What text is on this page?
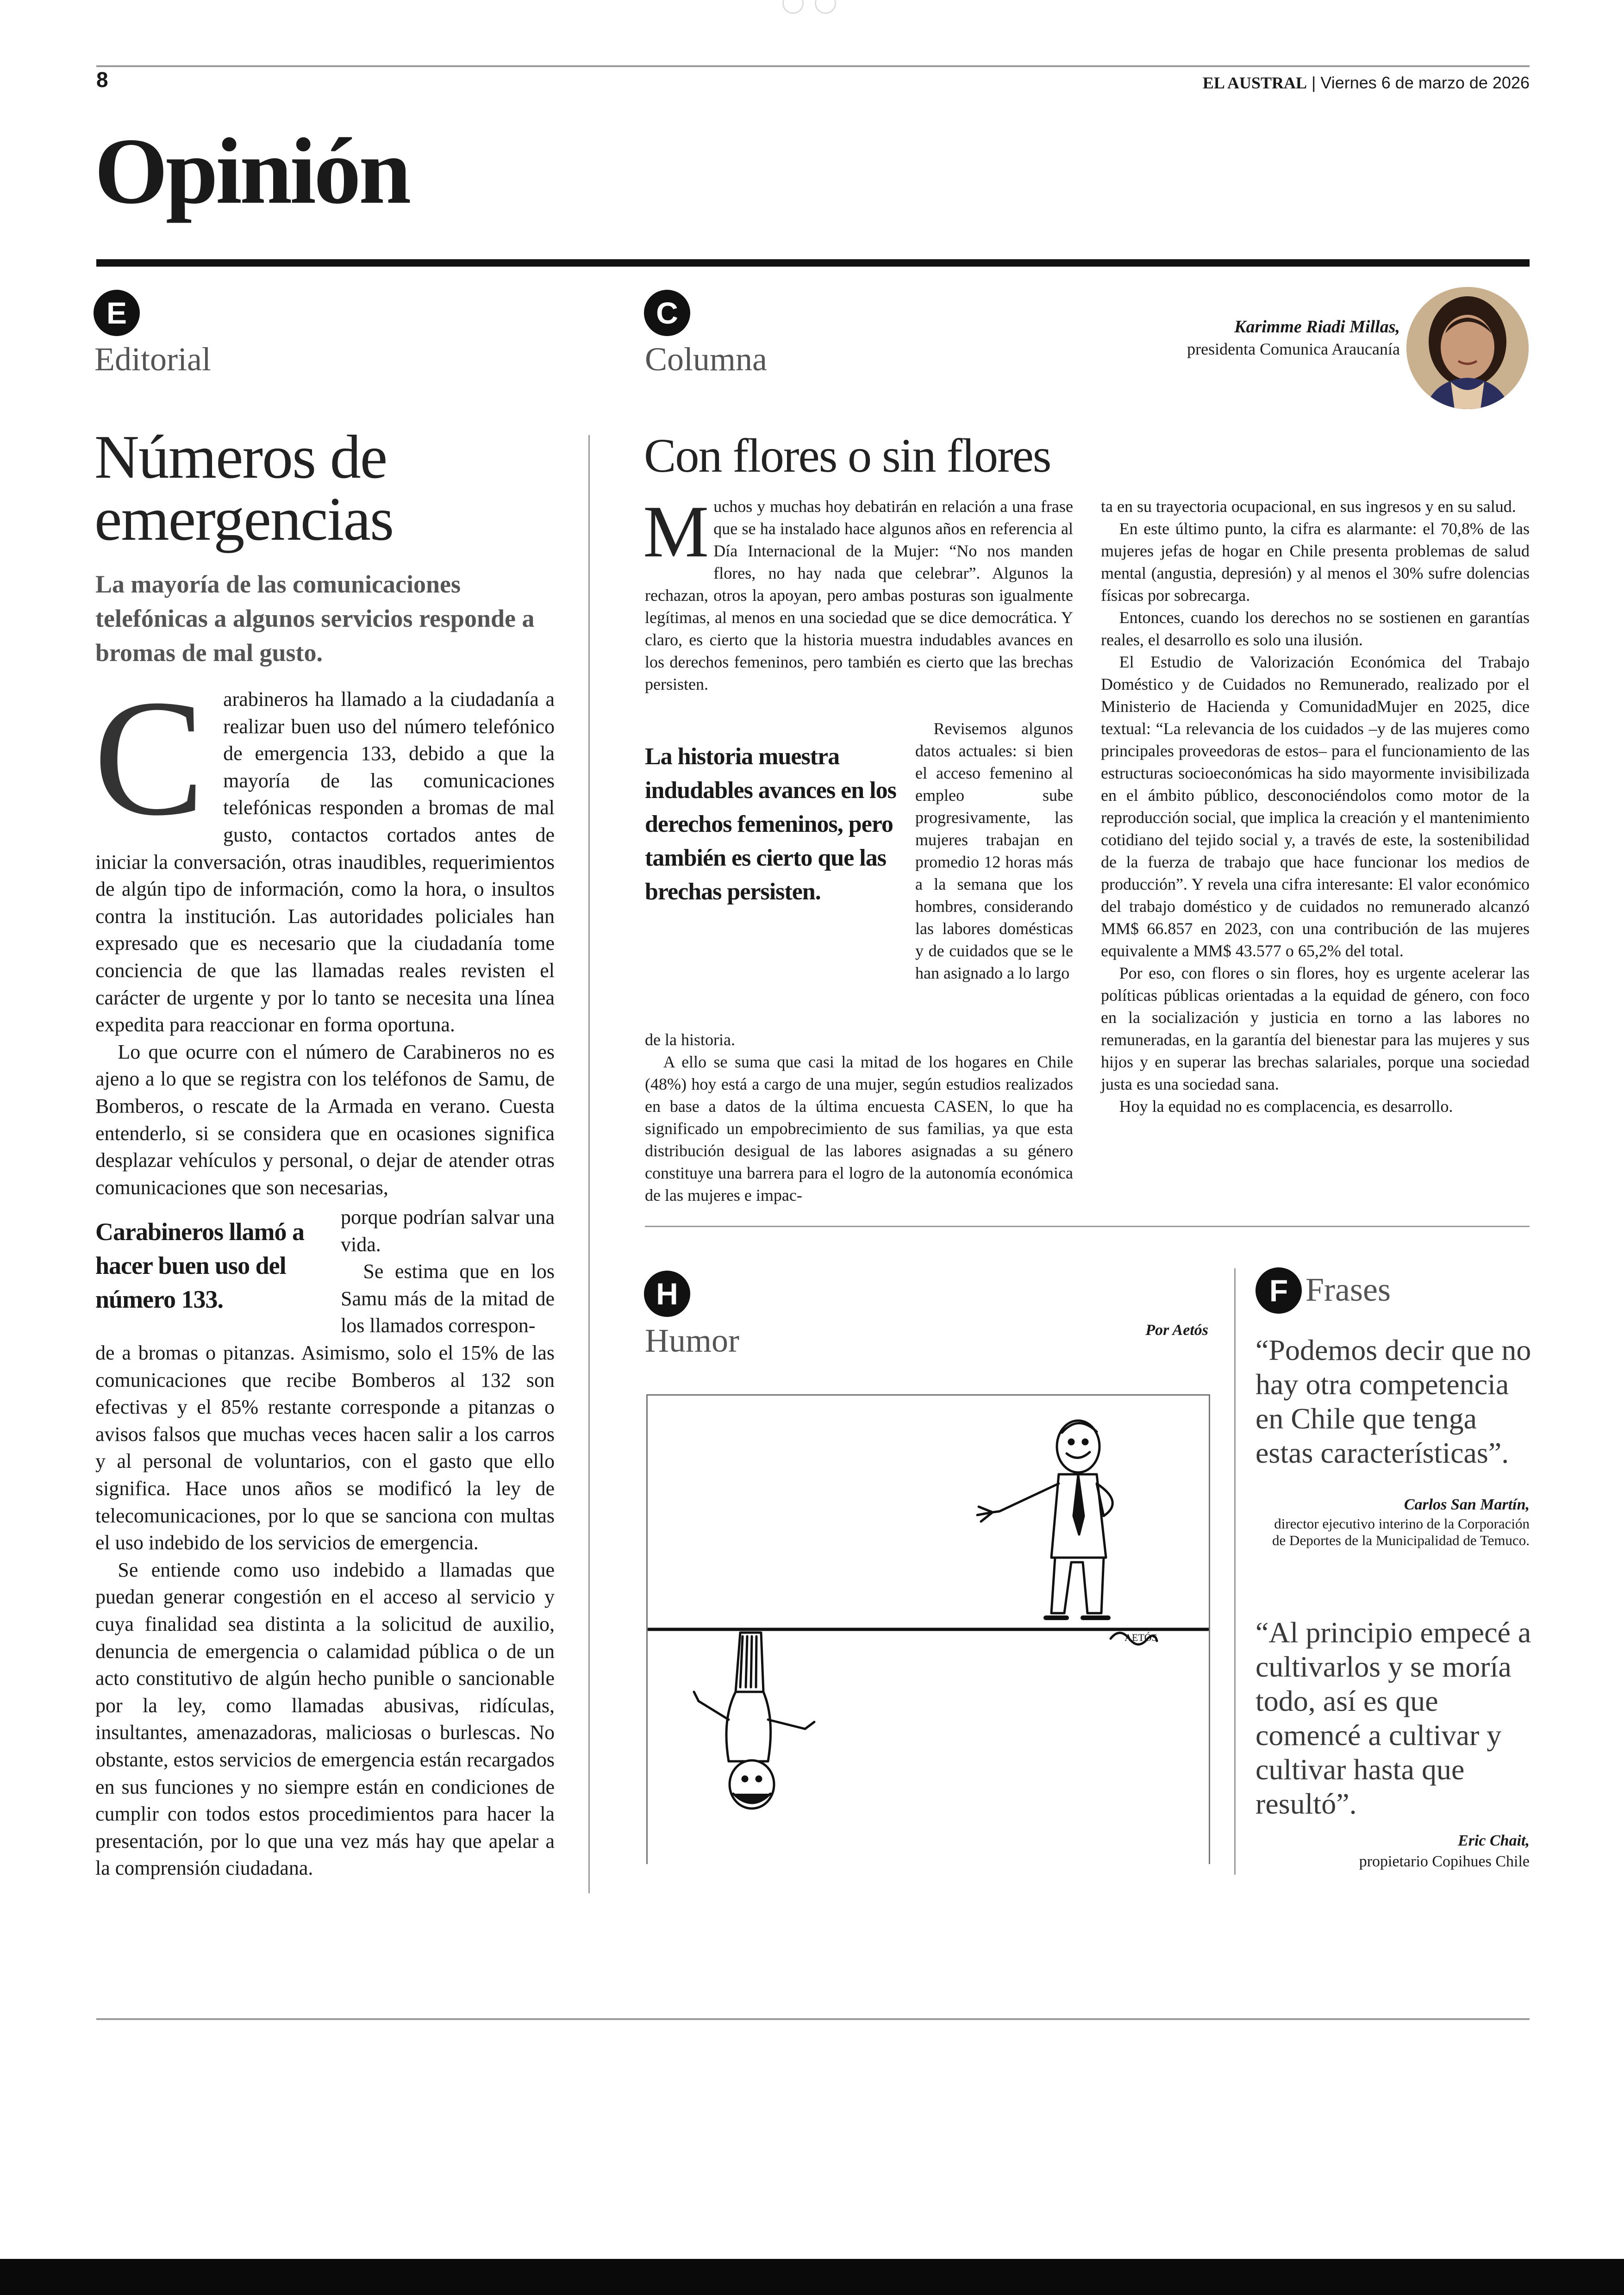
8	EL AUSTRAL | Viernes 6 de marzo de 2026
Opinión
E
Editorial
Números de emergencias
La mayoría de las comunicaciones telefónicas a algunos servicios responde a bromas de mal gusto.
C arabineros ha llamado a la ciudadanía a realizar buen uso del número telefónico de emergencia 133, debido a que la mayoría de las comunicaciones telefónicas responden a bromas de mal gusto, contactos cortados antes de iniciar la conversación, otras inaudibles, requerimientos de algún tipo de información, como la hora, o insultos contra la institución. Las autoridades policiales han expresado que es necesario que la ciudadanía tome conciencia de que las llamadas reales revisten el carácter de urgente y por lo tanto se necesita una línea expedita para reaccionar en forma oportuna.

Lo que ocurre con el número de Carabineros no es ajeno a lo que se registra con los teléfonos de Samu, de Bomberos, o rescate de la Armada en verano. Cuesta entenderlo, si se considera que en ocasiones significa desplazar vehículos y personal, o dejar de atender otras comunicaciones que son necesarias,

Carabineros llamó a hacer buen uso del número 133.

porque podrían salvar una vida.

Se estima que en los Samu más de la mitad de los llamados correspon-

de a bromas o pitanzas. Asimismo, solo el 15% de las comunicaciones que recibe Bomberos al 132 son efectivas y el 85% restante corresponde a pitanzas o avisos falsos que muchas veces hacen salir a los carros y al personal de voluntarios, con el gasto que ello significa. Hace unos años se modificó la ley de telecomunicaciones, por lo que se sanciona con multas el uso indebido de los servicios de emergencia.

Se entiende como uso indebido a llamadas que puedan generar congestión en el acceso al servicio y cuya finalidad sea distinta a la solicitud de auxilio, denuncia de emergencia o calamidad pública o de un acto constitutivo de algún hecho punible o sancionable por la ley, como llamadas abusivas, ridículas, insultantes, amenazadoras, maliciosas o burlescas. No obstante, estos servicios de emergencia están recargados en sus funciones y no siempre están en condiciones de cumplir con todos estos procedimientos para hacer la presentación, por lo que una vez más hay que apelar a la comprensión ciudadana.

C
Columna
Karimme Riadi Millas,
presidenta Comunica Araucanía
Con flores o sin flores
M uchos y muchas hoy debatirán en relación a una frase que se ha instalado hace algunos años en referencia al Día Internacional de la Mujer: “No nos manden flores, no hay nada que celebrar”. Algunos la rechazan, otros la apoyan, pero ambas posturas son igualmente legítimas, al menos en una sociedad que se dice democrática. Y claro, es cierto que la historia muestra indudables avances en los derechos femeninos, pero también es cierto que las brechas persisten.

La historia muestra indudables avances en los derechos femeninos, pero también es cierto que las brechas persisten.

Revisemos algunos datos actuales: si bien el acceso femenino al empleo sube progresivamente, las mujeres trabajan en promedio 12 horas más a la semana que los hombres, considerando las labores domésticas y de cuidados que se le han asignado a lo largo

de la historia.

A ello se suma que casi la mitad de los hogares en Chile (48%) hoy está a cargo de una mujer, según estudios realizados en base a datos de la última encuesta CASEN, lo que ha significado un empobrecimiento de sus familias, ya que esta distribución desigual de las labores asignadas a su género constituye una barrera para el logro de la autonomía económica de las mujeres e impac-

ta en su trayectoria ocupacional, en sus ingresos y en su salud.

En este último punto, la cifra es alarmante: el 70,8% de las mujeres jefas de hogar en Chile presenta problemas de salud mental (angustia, depresión) y al menos el 30% sufre dolencias físicas por sobrecarga.

Entonces, cuando los derechos no se sostienen en garantías reales, el desarrollo es solo una ilusión.

El Estudio de Valorización Económica del Trabajo Doméstico y de Cuidados no Remunerado, realizado por el Ministerio de Hacienda y ComunidadMujer en 2025, dice textual: “La relevancia de los cuidados –y de las mujeres como principales proveedoras de estos– para el funcionamiento de las estructuras socioeconómicas ha sido mayormente invisibilizada en el ámbito público, desconociéndolos como motor de la reproducción social, que implica la creación y el mantenimiento cotidiano del tejido social y, a través de este, la sostenibilidad de la fuerza de trabajo que hace funcionar los medios de producción”. Y revela una cifra interesante: El valor económico del trabajo doméstico y de cuidados no remunerado alcanzó MM$ 66.857 en 2023, con una contribución de las mujeres equivalente a MM$ 43.577 o 65,2% del total.

Por eso, con flores o sin flores, hoy es urgente acelerar las políticas públicas orientadas a la equidad de género, con foco en la socialización y justicia en torno a las labores no remuneradas, en la garantía del bienestar para las mujeres y sus hijos y en superar las brechas salariales, porque una sociedad justa es una sociedad sana.

Hoy la equidad no es complacencia, es desarrollo.

H
Humor	Por Aetós
AETÓS
F Frases
“Podemos decir que no hay otra competencia en Chile que tenga estas características”.
Carlos San Martín,
director ejecutivo interino de la Corporación de Deportes de la Municipalidad de Temuco.
“Al principio empecé a cultivarlos y se moría todo, así es que comencé a cultivar y cultivar hasta que resultó”.
Eric Chait,
propietario Copihues Chile
